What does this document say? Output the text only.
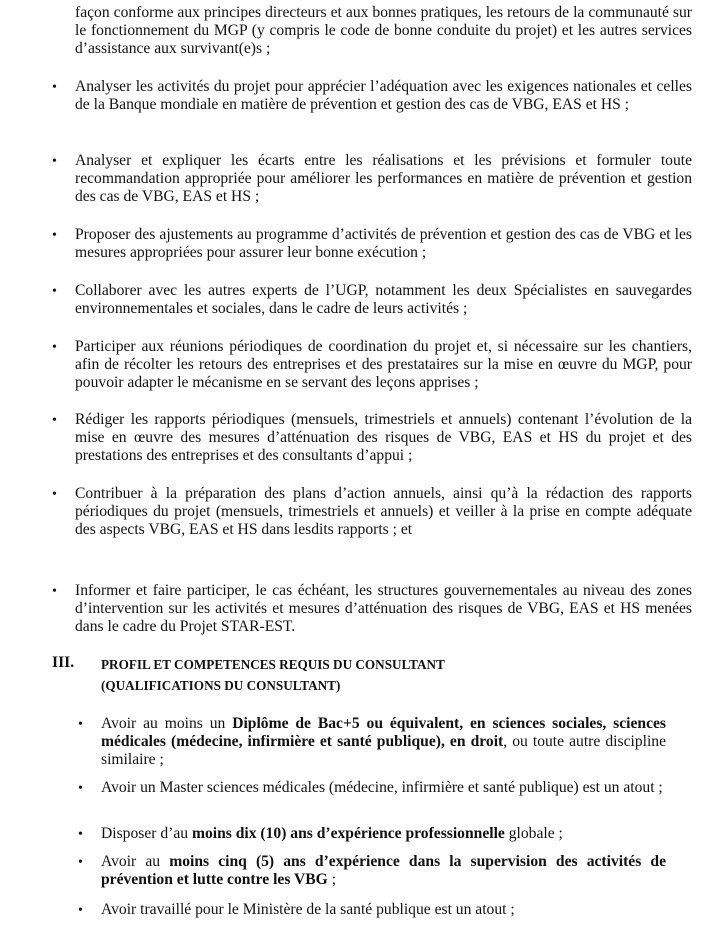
façon conforme aux principes directeurs et aux bonnes pratiques, les retours de la communauté sur le fonctionnement du MGP (y compris le code de bonne conduite du projet) et les autres services d’assistance aux survivant(e)s ;

• Analyser les activités du projet pour apprécier l’adéquation avec les exigences nationales et celles de la Banque mondiale en matière de prévention et gestion des cas de VBG, EAS et HS ;

• Analyser et expliquer les écarts entre les réalisations et les prévisions et formuler toute recommandation appropriée pour améliorer les performances en matière de prévention et gestion des cas de VBG, EAS et HS ;

• Proposer des ajustements au programme d’activités de prévention et gestion des cas de VBG et les mesures appropriées pour assurer leur bonne exécution ;

• Collaborer avec les autres experts de l’UGP, notamment les deux Spécialistes en sauvegardes environnementales et sociales, dans le cadre de leurs activités ;

• Participer aux réunions périodiques de coordination du projet et, si nécessaire sur les chantiers, afin de récolter les retours des entreprises et des prestataires sur la mise en œuvre du MGP, pour pouvoir adapter le mécanisme en se servant des leçons apprises ;

• Rédiger les rapports périodiques (mensuels, trimestriels et annuels) contenant l’évolution de la mise en œuvre des mesures d’atténuation des risques de VBG, EAS et HS du projet et des prestations des entreprises et des consultants d’appui ;

• Contribuer à la préparation des plans d’action annuels, ainsi qu’à la rédaction des rapports périodiques du projet (mensuels, trimestriels et annuels) et veiller à la prise en compte adéquate des aspects VBG, EAS et HS dans lesdits rapports ; et

• Informer et faire participer, le cas échéant, les structures gouvernementales au niveau des zones d’intervention sur les activités et mesures d’atténuation des risques de VBG, EAS et HS menées dans le cadre du Projet STAR-EST.

III. PROFIL ET COMPETENCES REQUIS DU CONSULTANT
(QUALIFICATIONS DU CONSULTANT)
• Avoir au moins un Diplôme de Bac+5 ou équivalent, en sciences sociales, sciences médicales (médecine, infirmière et santé publique), en droit, ou toute autre discipline similaire ;

• Avoir un Master sciences médicales (médecine, infirmière et santé publique) est un atout ;

• Disposer d’au moins dix (10) ans d’expérience professionnelle globale ;

• Avoir au moins cinq (5) ans d’expérience dans la supervision des activités de prévention et lutte contre les VBG ;

• Avoir travaillé pour le Ministère de la santé publique est un atout ;
